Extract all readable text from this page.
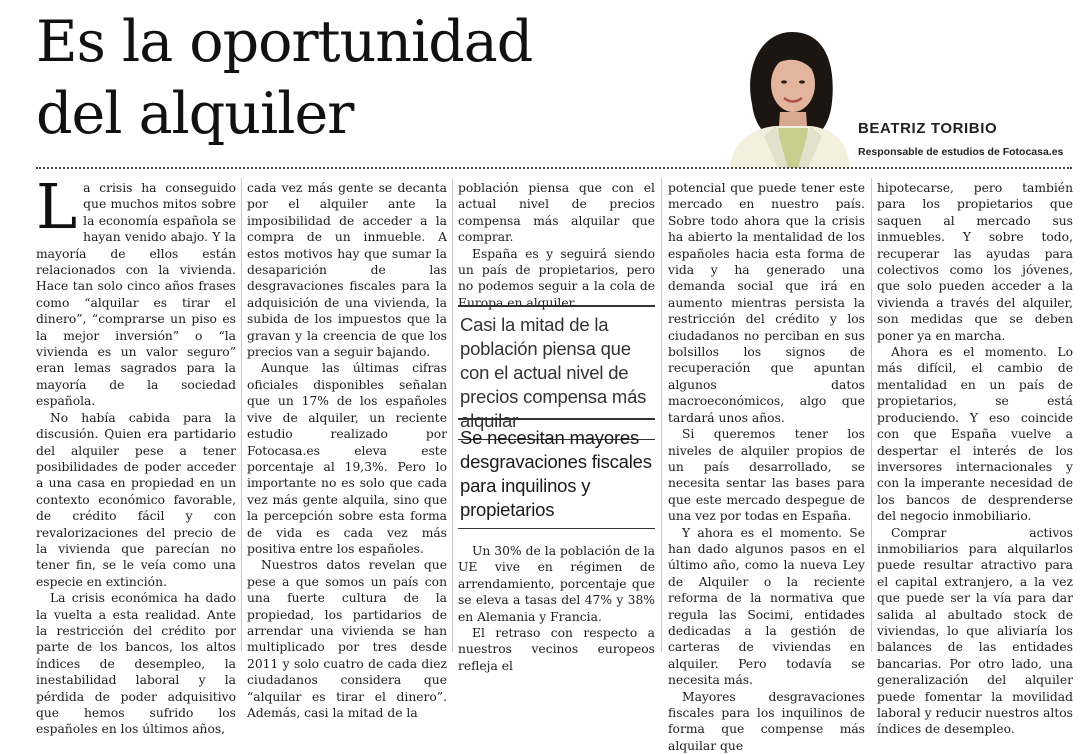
Es la oportunidad
del alquiler	BEATRIZ TORIBIO

Responsable de estudios de Fotocasa.es

La crisis ha conseguido que muchos mitos sobre la economía española se hayan venido abajo. Y la mayoría de ellos están relacionados con la vivienda. Hace tan solo cinco años frases como “alquilar es tirar el dinero”, “comprarse un piso es la mejor inversión” o “la vivienda es un valor seguro” eran lemas sagrados para la mayoría de la sociedad española.

No había cabida para la discusión. Quien era partidario del alquiler pese a tener posibilidades de poder acceder a una casa en propiedad en un contexto económico favorable, de crédito fácil y con revalorizaciones del precio de la vivienda que parecían no tener fin, se le veía como una especie en extinción.

La crisis económica ha dado la vuelta a esta realidad. Ante la restricción del crédito por parte de los bancos, los altos índices de desempleo, la inestabilidad laboral y la pérdida de poder adquisitivo que hemos sufrido los españoles en los últimos años,

cada vez más gente se decanta por el alquiler ante la imposibilidad de acceder a la compra de un inmueble. A estos motivos hay que sumar la desaparición de las desgravaciones fiscales para la adquisición de una vivienda, la subida de los impuestos que la gravan y la creencia de que los precios van a seguir bajando.

Aunque las últimas cifras oficiales disponibles señalan que un 17% de los españoles vive de alquiler, un reciente estudio realizado por Fotocasa.es eleva este porcentaje al 19,3%. Pero lo importante no es solo que cada vez más gente alquila, sino que la percepción sobre esta forma de vida es cada vez más positiva entre los españoles.

Nuestros datos revelan que pese a que somos un país con una fuerte cultura de la propiedad, los partidarios de arrendar una vivienda se han multiplicado por tres desde 2011 y solo cuatro de cada diez ciudadanos considera que “alquilar es tirar el dinero”. Además, casi la mitad de la

población piensa que con el actual nivel de precios compensa más alquilar que comprar.

España es y seguirá siendo un país de propietarios, pero no podemos seguir a la cola de Europa en alquiler.

Casi la mitad de la población piensa que con el actual nivel de precios compensa más alquilar
Se necesitan mayores desgravaciones fiscales para inquilinos y propietarios

Un 30% de la población de la UE vive en régimen de arrendamiento, porcentaje que se eleva a tasas del 47% y 38% en Alemania y Francia.

El retraso con respecto a nuestros vecinos europeos refleja el

potencial que puede tener este mercado en nuestro país. Sobre todo ahora que la crisis ha abierto la mentalidad de los españoles hacia esta forma de vida y ha generado una demanda social que irá en aumento mientras persista la restricción del crédito y los ciudadanos no perciban en sus bolsillos los signos de recuperación que apuntan algunos datos macroeconómicos, algo que tardará unos años.

Si queremos tener los niveles de alquiler propios de un país desarrollado, se necesita sentar las bases para que este mercado despegue de una vez por todas en España.

Y ahora es el momento. Se han dado algunos pasos en el último año, como la nueva Ley de Alquiler o la reciente reforma de la normativa que regula las Socimi, entidades dedicadas a la gestión de carteras de viviendas en alquiler. Pero todavía se necesita más.

Mayores desgravaciones fiscales para los inquilinos de forma que compense más alquilar que

hipotecarse, pero también para los propietarios que saquen al mercado sus inmuebles. Y sobre todo, recuperar las ayudas para colectivos como los jóvenes, que solo pueden acceder a la vivienda a través del alquiler, son medidas que se deben poner ya en marcha.

Ahora es el momento. Lo más difícil, el cambio de mentalidad en un país de propietarios, se está produciendo. Y eso coincide con que España vuelve a despertar el interés de los inversores internacionales y con la imperante necesidad de los bancos de desprenderse del negocio inmobiliario.

Comprar activos inmobiliarios para alquilarlos puede resultar atractivo para el capital extranjero, a la vez que puede ser la vía para dar salida al abultado stock de viviendas, lo que aliviaría los balances de las entidades bancarias. Por otro lado, una generalización del alquiler puede fomentar la movilidad laboral y reducir nuestros altos índices de desempleo.
